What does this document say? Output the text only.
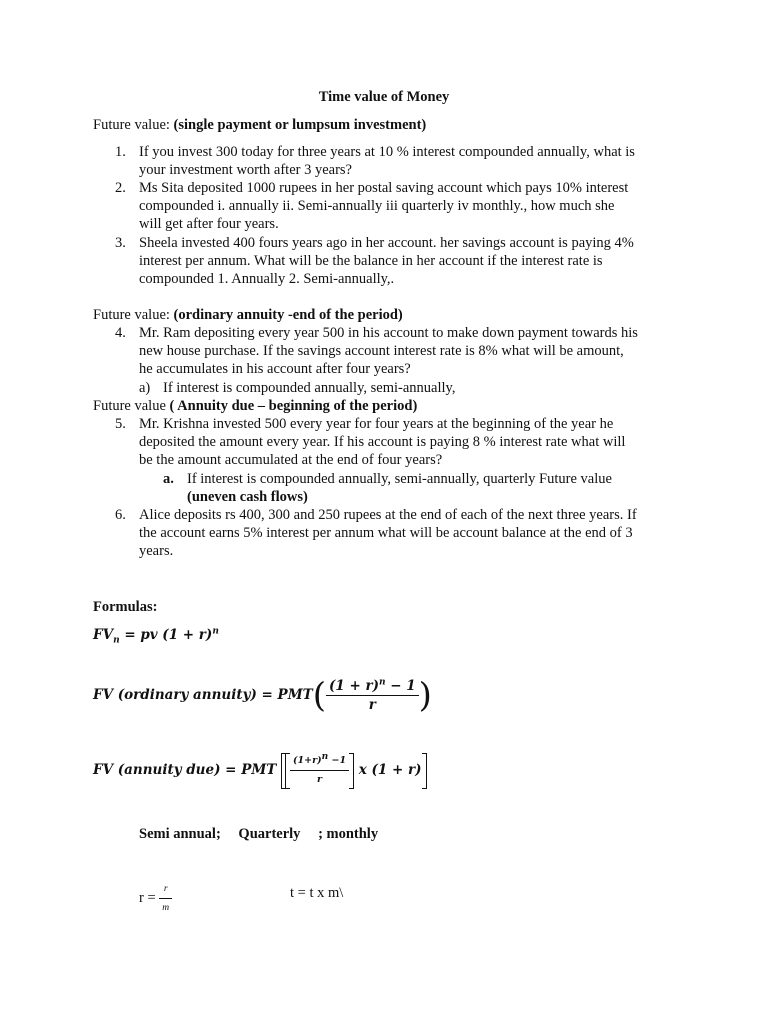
Time value of Money
Future value: (single payment or lumpsum investment)
1. If you invest 300 today for three years at 10 % interest compounded annually, what is
your investment worth after 3 years?
2. Ms Sita deposited 1000 rupees in her postal saving account which pays 10% interest
compounded i. annually ii. Semi-annually iii quarterly iv monthly., how much she
will get after four years.
3. Sheela invested 400 fours years ago in her account. her savings account is paying 4%
interest per annum. What will be the balance in her account if the interest rate is
compounded 1. Annually 2. Semi-annually,.
Future value: (ordinary annuity -end of the period)
4. Mr. Ram depositing every year 500 in his account to make down payment towards his
new house purchase. If the savings account interest rate is 8% what will be amount,
he accumulates in his account after four years?
a) If interest is compounded annually, semi-annually,
Future value ( Annuity due – beginning of the period)
5. Mr. Krishna invested 500 every year for four years at the beginning of the year he
deposited the amount every year. If his account is paying 8 % interest rate what will
be the amount accumulated at the end of four years?
a. If interest is compounded annually, semi-annually, quarterly Future value
(uneven cash flows)
6. Alice deposits rs 400, 300 and 250 rupees at the end of each of the next three years. If
the account earns 5% interest per annum what will be account balance at the end of 3
years.
Formulas:
$FV_n$ = pv $(1 + r)^n$
FV (ordinary annuity) = $PMT( \frac{(1 + r)^n - 1}{r}$ )
FV (annuity due) = PMT $\frac{(1+r)^n -1}{r}$ x (1 + r)
Semi annual; Quarterly ; monthly
$r = \frac{r}{m}$	t = t x m\
